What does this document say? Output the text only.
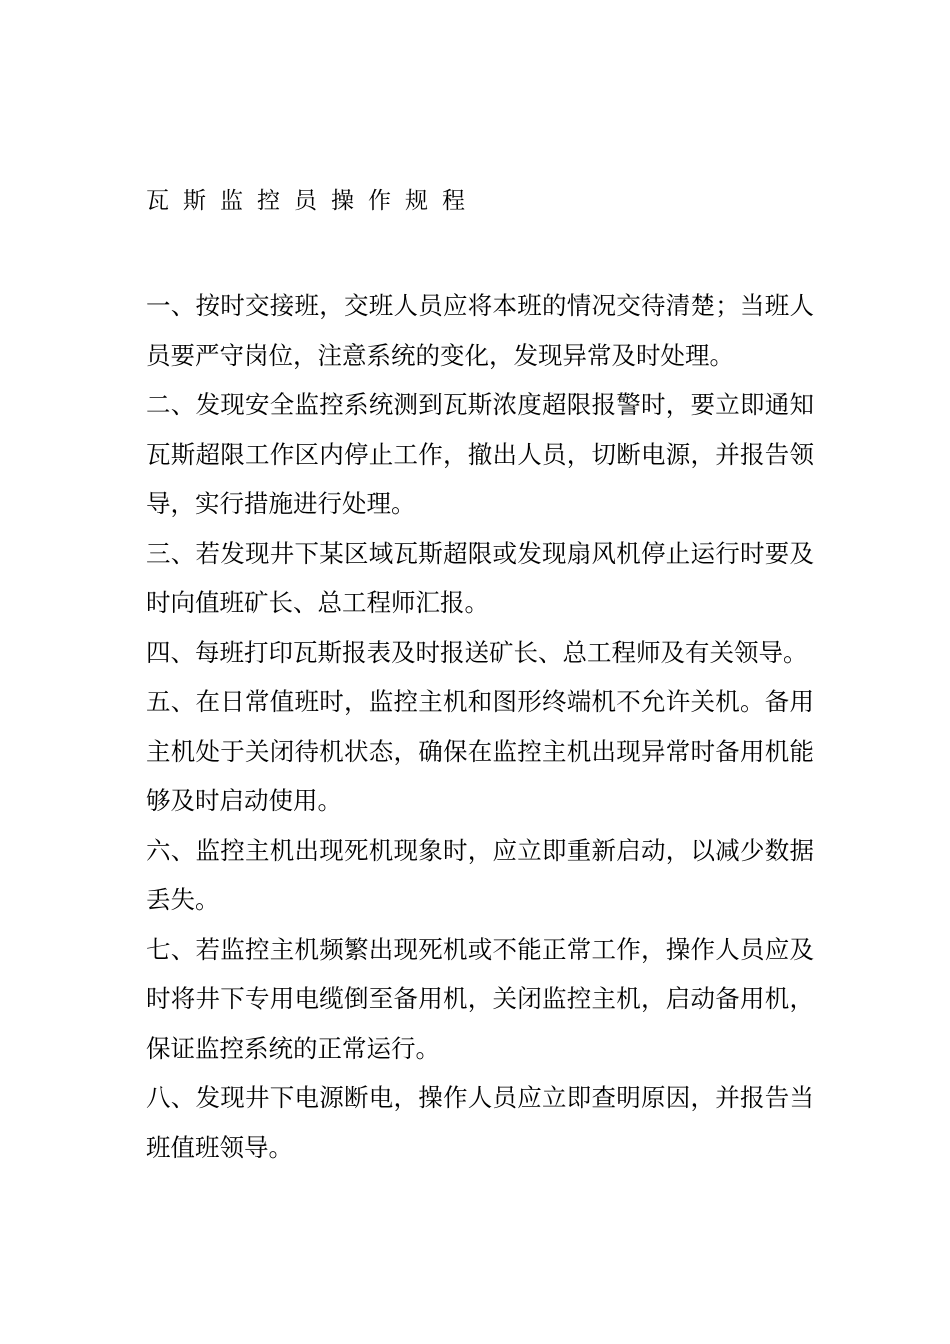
瓦斯监控员操作规程

一、按时交接班，交班人员应将本班的情况交待清楚；当班人员要严守岗位，注意系统的变化，发现异常及时处理。

二、发现安全监控系统测到瓦斯浓度超限报警时，要立即通知瓦斯超限工作区内停止工作，撤出人员，切断电源，并报告领导，实行措施进行处理。

三、若发现井下某区域瓦斯超限或发现扇风机停止运行时要及时向值班矿长、总工程师汇报。

四、每班打印瓦斯报表及时报送矿长、总工程师及有关领导。

五、在日常值班时，监控主机和图形终端机不允许关机。备用主机处于关闭待机状态，确保在监控主机出现异常时备用机能够及时启动使用。

六、监控主机出现死机现象时，应立即重新启动，以减少数据丢失。

七、若监控主机频繁出现死机或不能正常工作，操作人员应及时将井下专用电缆倒至备用机，关闭监控主机，启动备用机，保证监控系统的正常运行。

八、发现井下电源断电，操作人员应立即查明原因，并报告当班值班领导。
